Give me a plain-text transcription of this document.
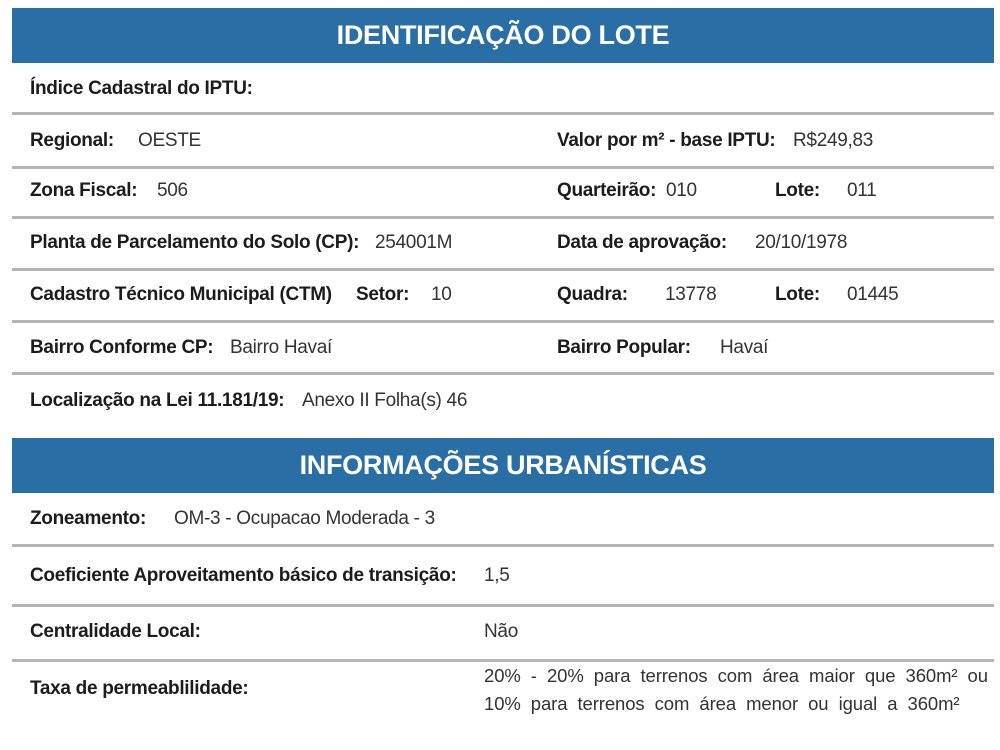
IDENTIFICAÇÃO DO LOTE
Índice Cadastral do IPTU:
Regional: OESTE	Valor por m² - base IPTU: R$249,83
Zona Fiscal: 506	Quarteirão: 010	Lote: 011
Planta de Parcelamento do Solo (CP): 254001M	Data de aprovação: 20/10/1978
Cadastro Técnico Municipal (CTM) Setor: 10	Quadra: 13778	Lote: 01445
Bairro Conforme CP: Bairro Havaí	Bairro Popular: Havaí
Localização na Lei 11.181/19: Anexo II Folha(s) 46
INFORMAÇÕES URBANÍSTICAS
Zoneamento: OM-3 - Ocupacao Moderada - 3
Coeficiente Aproveitamento básico de transição: 1,5
Centralidade Local:	Não
Taxa de permeablilidade:
20%  -  20%  para  terrenos  com  área  maior  que  360m²  ou
10%  para  terrenos  com  área  menor  ou  igual  a  360m²
